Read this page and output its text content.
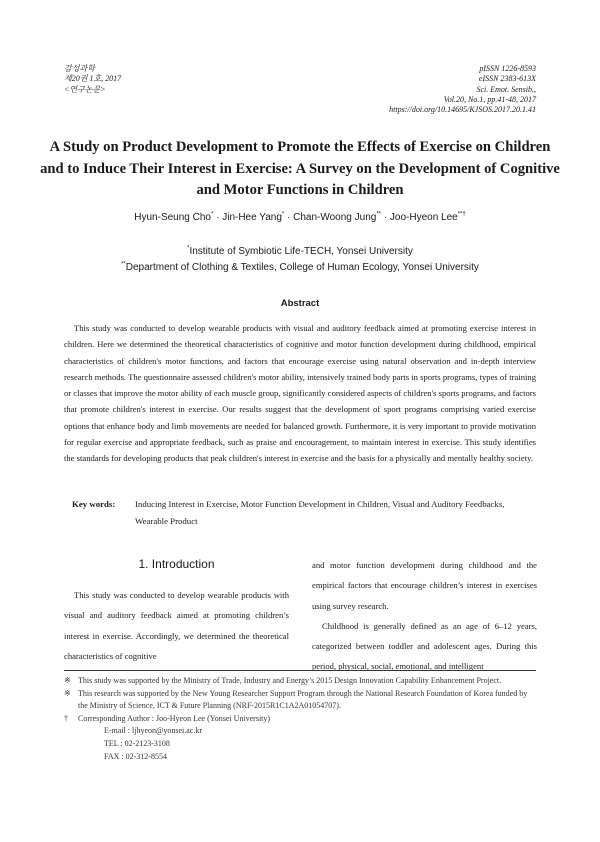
감성과학
제20권 1호, 2017
<연구논문>
pISSN 1226-8593
eISSN 2383-613X
Sci. Emot. Sensib.,
Vol.20, No.1, pp.41-48, 2017
https://doi.org/10.14695/KJSOS.2017.20.1.41
A Study on Product Development to Promote the Effects of Exercise on Children and to Induce Their Interest in Exercise: A Survey on the Development of Cognitive and Motor Functions in Children
Hyun-Seung Cho* · Jin-Hee Yang* · Chan-Woong Jung** · Joo-Hyeon Lee**†
*Institute of Symbiotic Life-TECH, Yonsei University
**Department of Clothing & Textiles, College of Human Ecology, Yonsei University
Abstract
This study was conducted to develop wearable products with visual and auditory feedback aimed at promoting exercise interest in children. Here we determined the theoretical characteristics of cognitive and motor function development during childhood, empirical characteristics of children's motor functions, and factors that encourage exercise using natural observation and in-depth interview research methods. The questionnaire assessed children's motor ability, intensively trained body parts in sports programs, types of training or classes that improve the motor ability of each muscle group, significantly considered aspects of children's sports programs, and factors that promote children's interest in exercise. Our results suggest that the development of sport programs comprising varied exercise options that enhance body and limb movements are needed for balanced growth. Furthermore, it is very important to provide motivation for regular exercise and appropriate feedback, such as praise and encouragement, to maintain interest in exercise. This study identifies the standards for developing products that peak children's interest in exercise and the basis for a physically and mentally healthy society.
Key words: Inducing Interest in Exercise, Motor Function Development in Children, Visual and Auditory Feedbacks, Wearable Product
1. Introduction

This study was conducted to develop wearable products with visual and auditory feedback aimed at promoting children’s interest in exercise. Accordingly, we determined the theoretical characteristics of cognitive

and motor function development during childhood and the empirical factors that encourage children’s interest in exercises using survey research.

Childhood is generally defined as an age of 6–12 years, categorized between toddler and adolescent ages. During this period, physical, social, emotional, and intelligent

※ This study was supported by the Ministry of Trade, Industry and Energy’s 2015 Design Innovation Capability Enhancement Project.
※ This research was supported by the New Young Researcher Support Program through the National Research Foundation of Korea funded by the Ministry of Science, ICT & Future Planning (NRF-2015R1C1A2A01054707).
† Corresponding Author : Joo-Hyeon Lee (Yonsei University)
E-mail : ljhyeon@yonsei.ac.kr
TEL : 02-2123-3108
FAX : 02-312-8554
